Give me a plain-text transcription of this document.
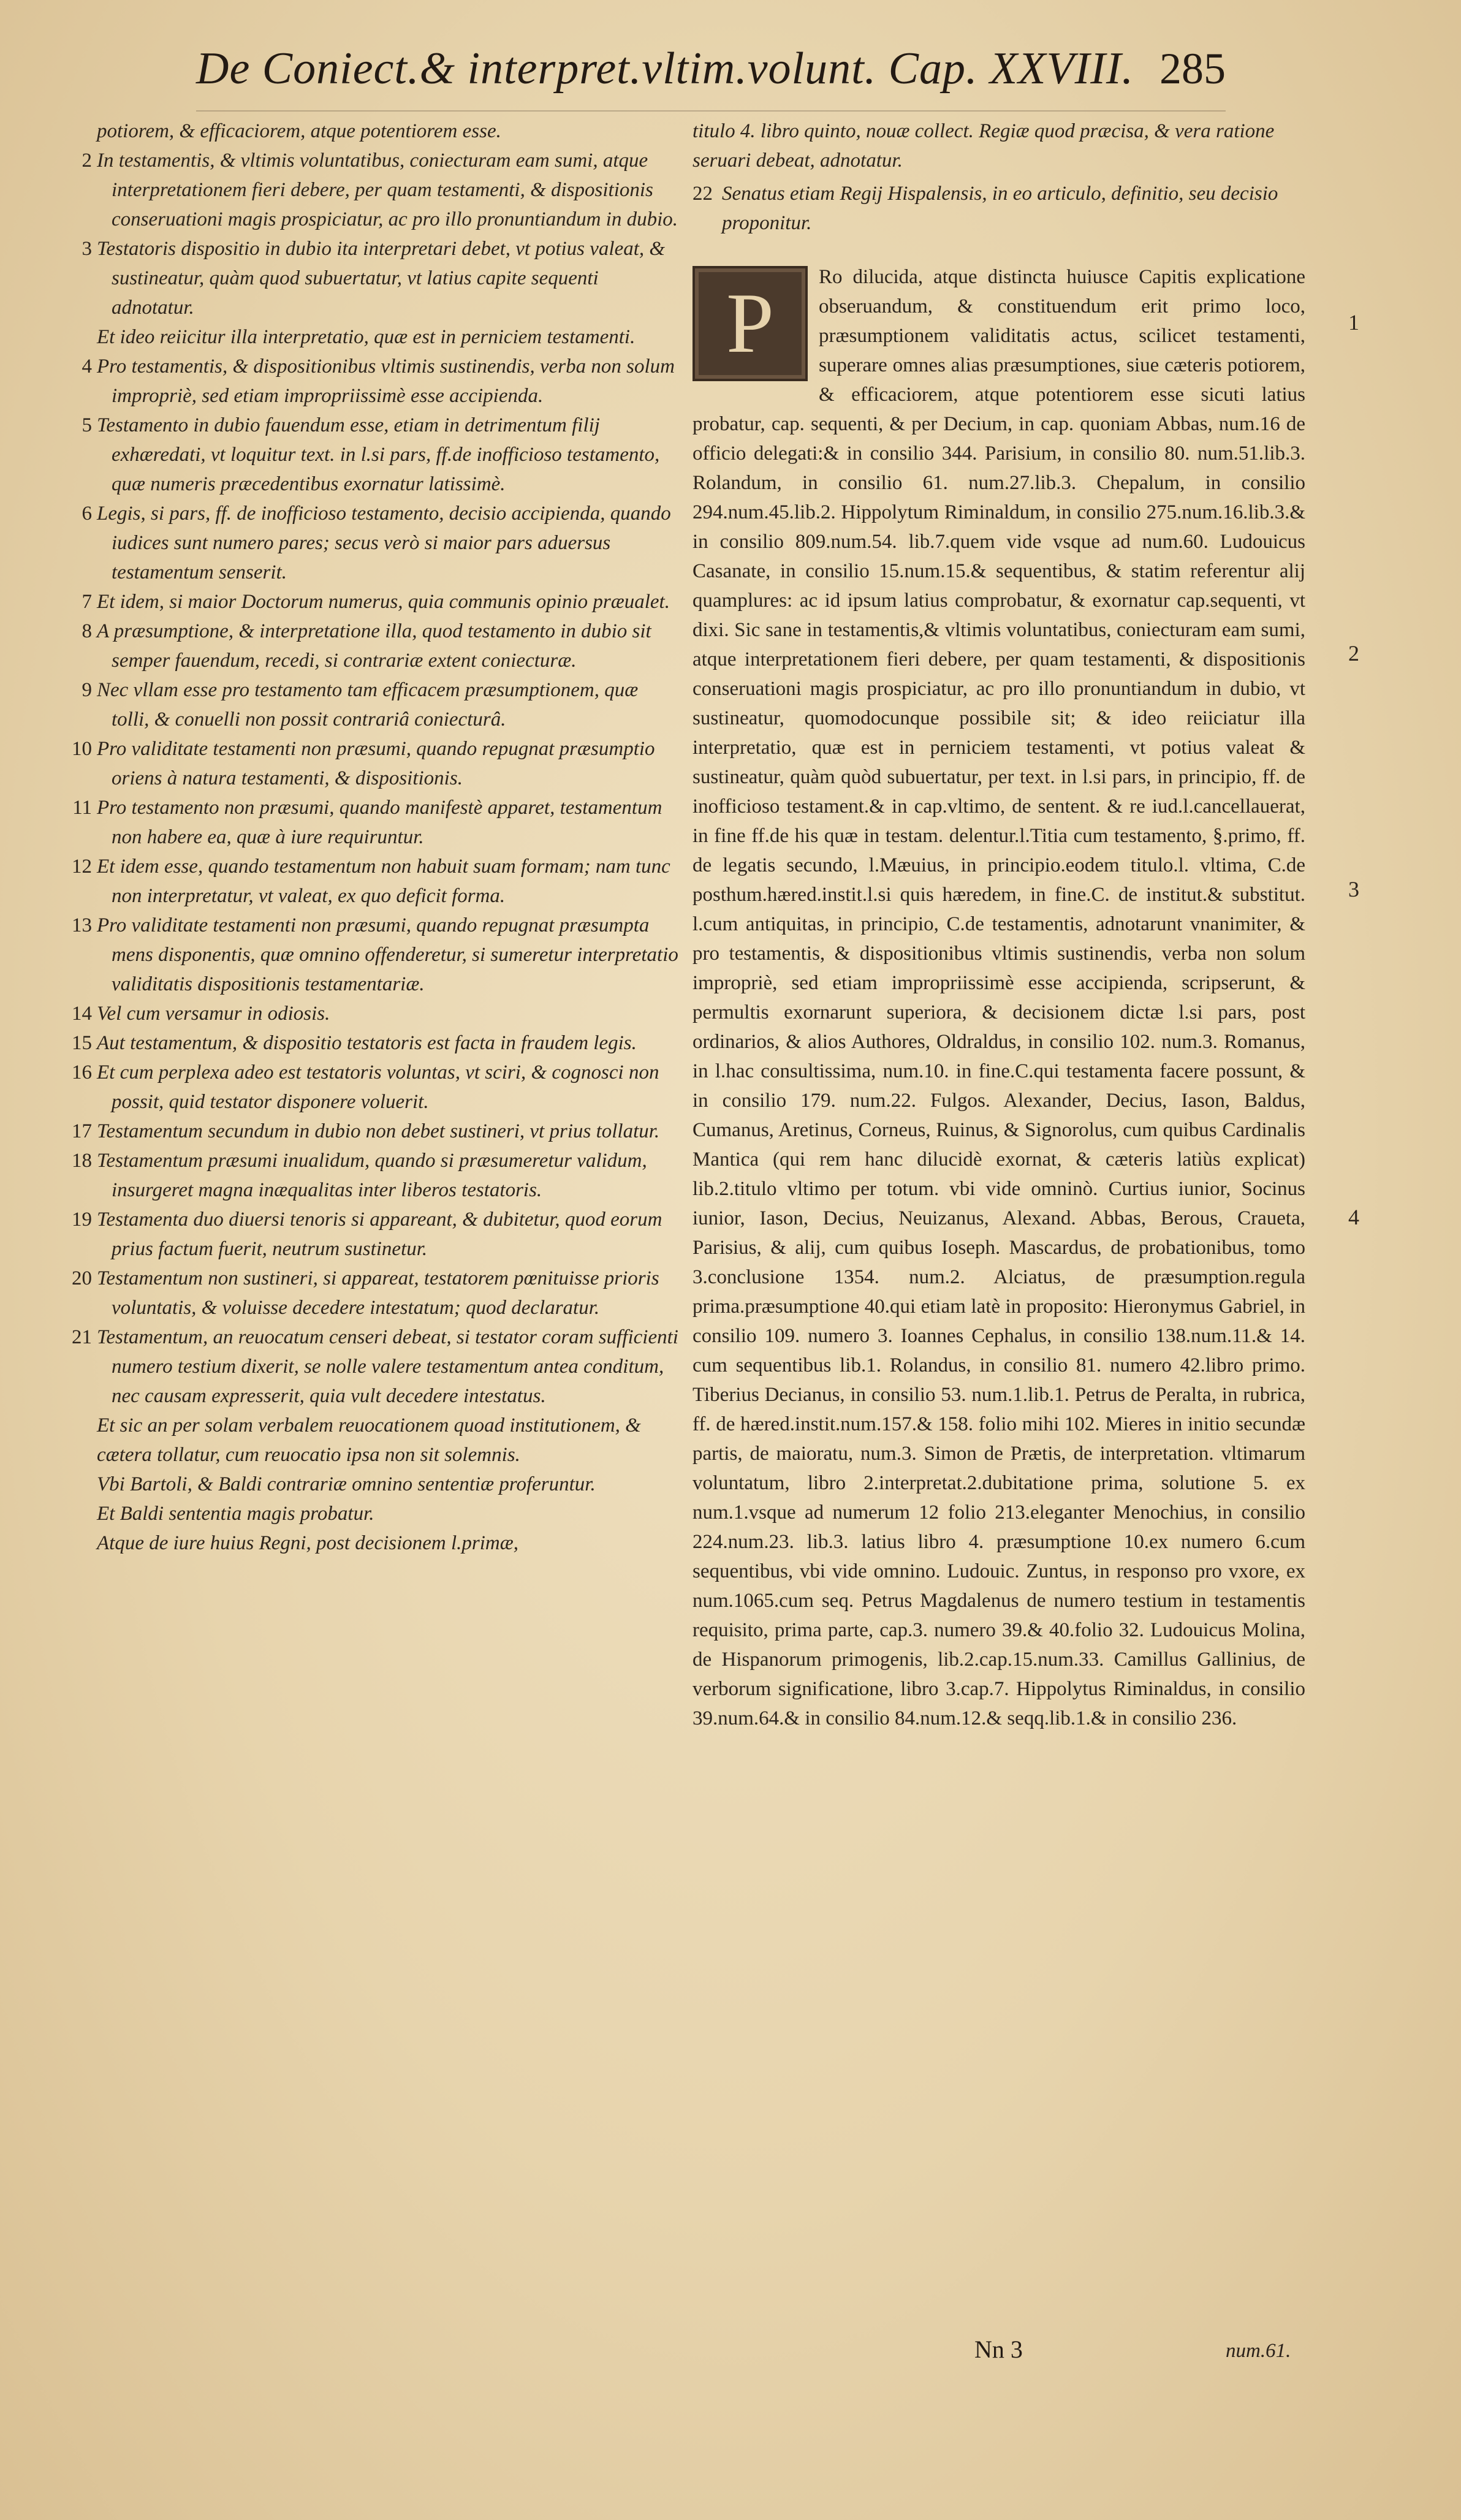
De Coniect.& interpret.vltim.volunt. Cap. XXVIII. 285
potiorem, & efficaciorem, atque potentiorem esse.
2 In testamentis, & vltimis voluntatibus, coniecturam eam sumi, atque interpretationem fieri debere, per quam testamenti, & dispositionis conseruationi magis prospiciatur, ac pro illo pronuntiandum in dubio.
3 Testatoris dispositio in dubio ita interpretari debet, vt potius valeat, & sustineatur, quàm quod subuertatur, vt latius capite sequenti adnotatur.
Et ideo reiicitur illa interpretatio, quæ est in perniciem testamenti.
4 Pro testamentis, & dispositionibus vltimis sustinendis, verba non solum impropriè, sed etiam impropriissimè esse accipienda.
5 Testamento in dubio fauendum esse, etiam in detrimentum filij exhæredati, vt loquitur text. in l.si pars, ff.de inofficioso testamento, quæ numeris præcedentibus exornatur latissimè.
6 Legis, si pars, ff. de inofficioso testamento, decisio accipienda, quando iudices sunt numero pares; secus verò si maior pars aduersus testamentum senserit.
7 Et idem, si maior Doctorum numerus, quia communis opinio præualet.
8 A præsumptione, & interpretatione illa, quod testamento in dubio sit semper fauendum, recedi, si contrariæ extent coniecturæ.
9 Nec vllam esse pro testamento tam efficacem præsumptionem, quæ tolli, & conuelli non possit contrariâ coniecturâ.
10 Pro validitate testamenti non præsumi, quando repugnat præsumptio oriens à natura testamenti, & dispositionis.
11 Pro testamento non præsumi, quando manifestè apparet, testamentum non habere ea, quæ à iure requiruntur.
12 Et idem esse, quando testamentum non habuit suam formam; nam tunc non interpretatur, vt valeat, ex quo deficit forma.
13 Pro validitate testamenti non præsumi, quando repugnat præsumpta mens disponentis, quæ omnino offenderetur, si sumeretur interpretatio validitatis dispositionis testamentariæ.
14 Vel cum versamur in odiosis.
15 Aut testamentum, & dispositio testatoris est facta in fraudem legis.
16 Et cum perplexa adeo est testatoris voluntas, vt sciri, & cognosci non possit, quid testator disponere voluerit.
17 Testamentum secundum in dubio non debet sustineri, vt prius tollatur.
18 Testamentum præsumi inualidum, quando si præsumeretur validum, insurgeret magna inæqualitas inter liberos testatoris.
19 Testamenta duo diuersi tenoris si appareant, & dubitetur, quod eorum prius factum fuerit, neutrum sustinetur.
20 Testamentum non sustineri, si appareat, testatorem pœnituisse prioris voluntatis, & voluisse decedere intestatum; quod declaratur.
21 Testamentum, an reuocatum censeri debeat, si testator coram sufficienti numero testium dixerit, se nolle valere testamentum antea conditum, nec causam expresserit, quia vult decedere intestatus.
Et sic an per solam verbalem reuocationem quoad institutionem, & cætera tollatur, cum reuocatio ipsa non sit solemnis.
Vbi Bartoli, & Baldi contrariæ omnino sententiæ proferuntur.
Et Baldi sententia magis probatur.
Atque de iure huius Regni, post decisionem l.primæ,
titulo 4. libro quinto, nouæ collect. Regiæ quod præcisa, & vera ratione seruari debeat, adnotatur.
22 Senatus etiam Regij Hispalensis, in eo articulo, definitio, seu decisio proponitur.
P	Ro dilucida, atque distincta huiusce Capitis explicatione obseruandum, & constituendum erit primo loco, præsumptionem validitatis actus, scilicet testamenti, superare omnes alias præsumptiones, siue cæteris potiorem, & efficaciorem, atque potentiorem esse sicuti latius probatur, cap. sequenti, & per Decium, in cap. quoniam Abbas, num.16 de officio delegati:& in consilio 344. Parisium, in consilio 80. num.51.lib.3. Rolandum, in consilio 61. num.27.lib.3. Chepalum, in consilio 294.num.45.lib.2. Hippolytum Riminaldum, in consilio 275.num.16.lib.3.& in consilio 809.num.54. lib.7.quem vide vsque ad num.60. Ludouicus Casanate, in consilio 15.num.15.& sequentibus, & statim referentur alij quamplures: ac id ipsum latius comprobatur, & exornatur cap.sequenti, vt dixi. Sic sane in testamentis,& vltimis voluntatibus, coniecturam eam sumi, atque interpretationem fieri debere, per quam testamenti, & dispositionis conseruationi magis prospiciatur, ac pro illo pronuntiandum in dubio, vt sustineatur, quomodocunque possibile sit; & ideo reiiciatur illa interpretatio, quæ est in perniciem testamenti, vt potius valeat & sustineatur, quàm quòd subuertatur, per text. in l.si pars, in principio, ff. de inofficioso testament.& in cap.vltimo, de sentent. & re iud.l.cancellauerat, in fine ff.de his quæ in testam. delentur.l.Titia cum testamento, §.primo, ff. de legatis secundo, l.Mæuius, in principio.eodem titulo.l. vltima, C.de posthum.hæred.instit.l.si quis hæredem, in fine.C. de institut.& substitut. l.cum antiquitas, in principio, C.de testamentis, adnotarunt vnanimiter, & pro testamentis, & dispositionibus vltimis sustinendis, verba non solum impropriè, sed etiam impropriissimè esse accipienda, scripserunt, & permultis exornarunt superiora, & decisionem dictæ l.si pars, post ordinarios, & alios Authores, Oldraldus, in consilio 102. num.3. Romanus, in l.hac consultissima, num.10. in fine.C.qui testamenta facere possunt, & in consilio 179. num.22. Fulgos. Alexander, Decius, Iason, Baldus, Cumanus, Aretinus, Corneus, Ruinus, & Signorolus, cum quibus Cardinalis Mantica (qui rem hanc dilucidè exornat, & cæteris latiùs explicat) lib.2.titulo vltimo per totum. vbi vide omninò. Curtius iunior, Socinus iunior, Iason, Decius, Neuizanus, Alexand. Abbas, Berous, Craueta, Parisius, & alij, cum quibus Ioseph. Mascardus, de probationibus, tomo 3.conclusione 1354. num.2. Alciatus, de præsumption.regula prima.præsumptione 40.qui etiam latè in proposito: Hieronymus Gabriel, in consilio 109. numero 3. Ioannes Cephalus, in consilio 138.num.11.& 14. cum sequentibus lib.1. Rolandus, in consilio 81. numero 42.libro primo. Tiberius Decianus, in consilio 53. num.1.lib.1. Petrus de Peralta, in rubrica, ff. de hæred.instit.num.157.& 158. folio mihi 102. Mieres in initio secundæ partis, de maioratu, num.3. Simon de Prætis, de interpretation. vltimarum voluntatum, libro 2.interpretat.2.dubitatione prima, solutione 5. ex num.1.vsque ad numerum 12 folio 213.eleganter Menochius, in consilio 224.num.23. lib.3. latius libro 4. præsumptione 10.ex numero 6.cum sequentibus, vbi vide omnino. Ludouic. Zuntus, in responso pro vxore, ex num.1065.cum seq. Petrus Magdalenus de numero testium in testamentis requisito, prima parte, cap.3. numero 39.& 40.folio 32. Ludouicus Molina, de Hispanorum primogenis, lib.2.cap.15.num.33. Camillus Gallinius, de verborum significatione, libro 3.cap.7. Hippolytus Riminaldus, in consilio 39.num.64.& in consilio 84.num.12.& seqq.lib.1.& in consilio 236.

1
2
3
4
Nn 3	num.61.
